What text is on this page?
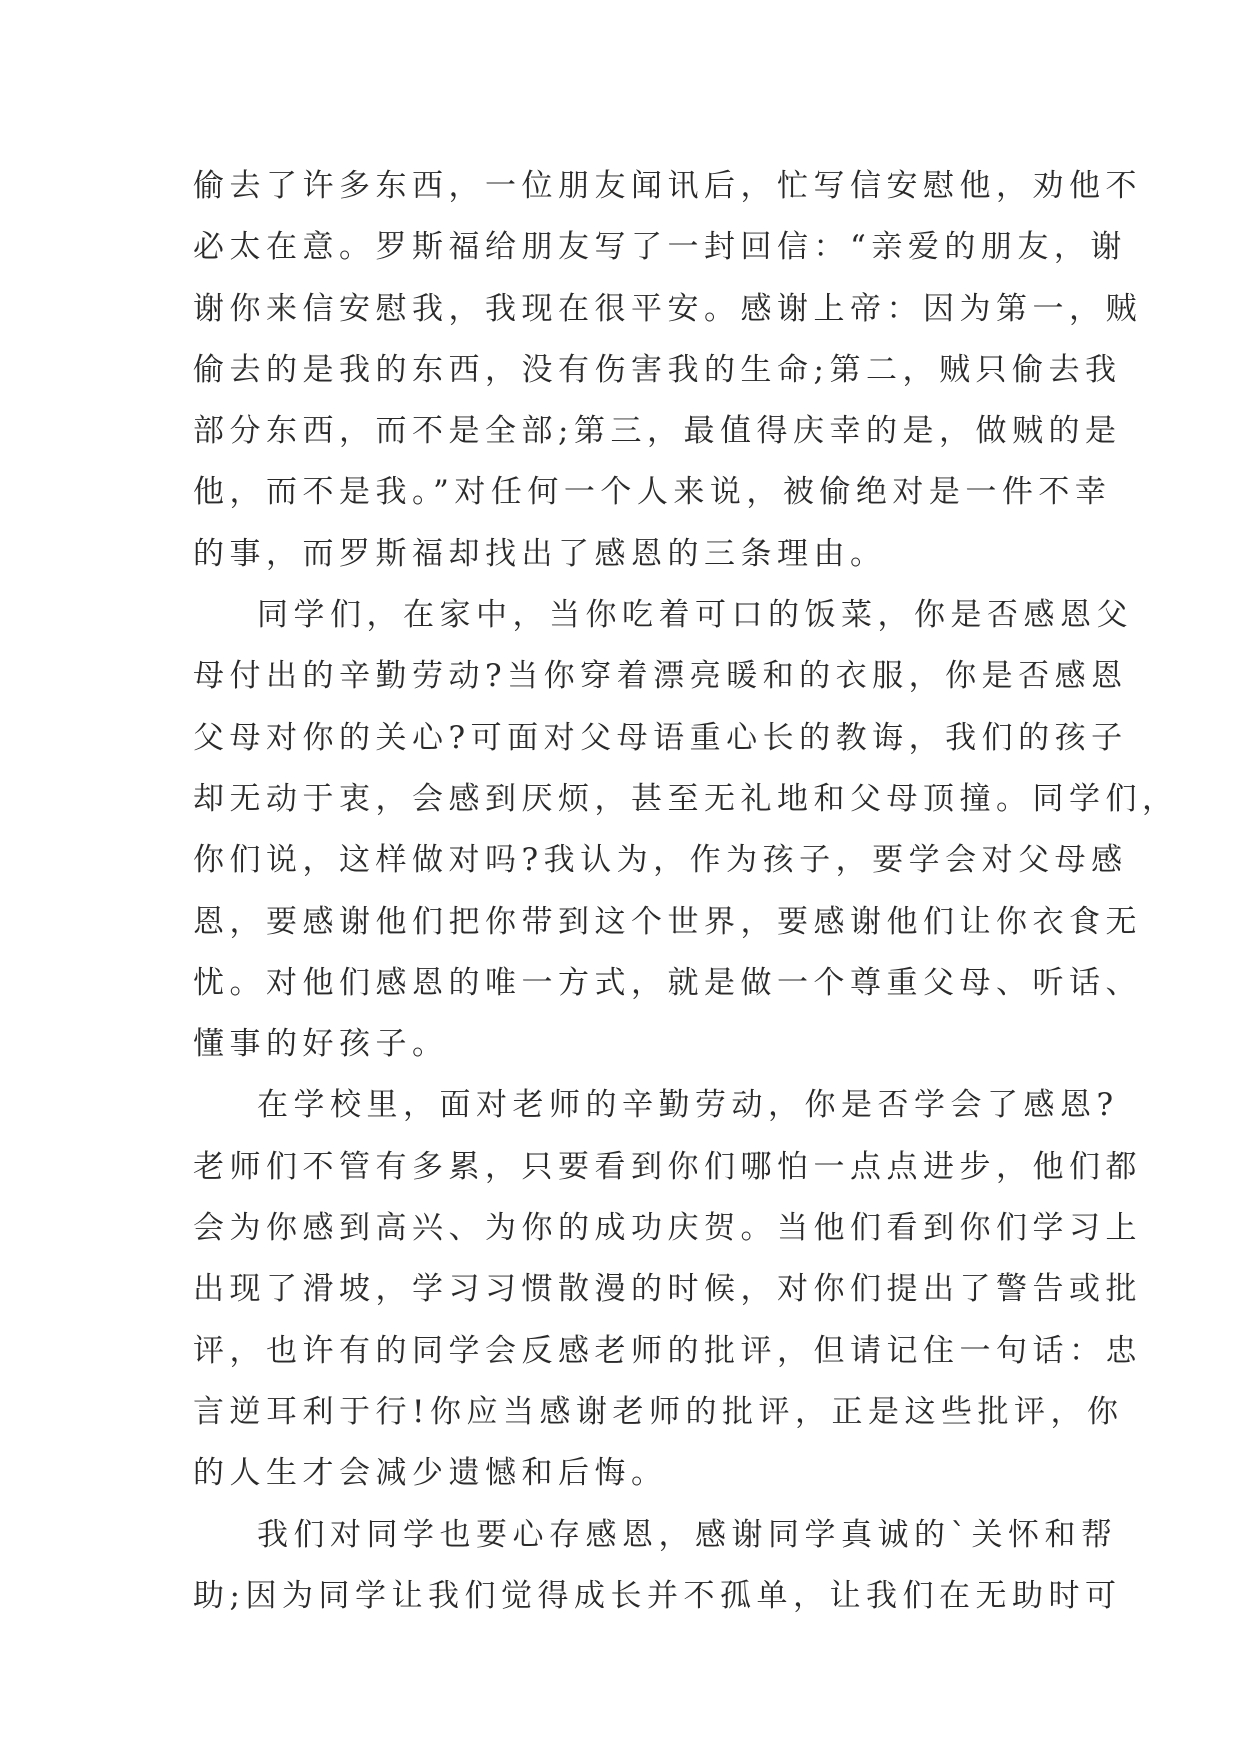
偷去了许多东西，一位朋友闻讯后，忙写信安慰他，劝他不
必太在意。罗斯福给朋友写了一封回信：“亲爱的朋友，谢
谢你来信安慰我，我现在很平安。感谢上帝：因为第一，贼
偷去的是我的东西，没有伤害我的生命;第二，贼只偷去我
部分东西，而不是全部;第三，最值得庆幸的是，做贼的是
他，而不是我。”对任何一个人来说，被偷绝对是一件不幸
的事，而罗斯福却找出了感恩的三条理由。
同学们，在家中，当你吃着可口的饭菜，你是否感恩父
母付出的辛勤劳动?当你穿着漂亮暖和的衣服，你是否感恩
父母对你的关心?可面对父母语重心长的教诲，我们的孩子
却无动于衷，会感到厌烦，甚至无礼地和父母顶撞。同学们，
你们说，这样做对吗?我认为，作为孩子，要学会对父母感
恩，要感谢他们把你带到这个世界，要感谢他们让你衣食无
忧。对他们感恩的唯一方式，就是做一个尊重父母、听话、
懂事的好孩子。
在学校里，面对老师的辛勤劳动，你是否学会了感恩?
老师们不管有多累，只要看到你们哪怕一点点进步，他们都
会为你感到高兴、为你的成功庆贺。当他们看到你们学习上
出现了滑坡，学习习惯散漫的时候，对你们提出了警告或批
评，也许有的同学会反感老师的批评，但请记住一句话：忠
言逆耳利于行!你应当感谢老师的批评，正是这些批评，你
的人生才会减少遗憾和后悔。
我们对同学也要心存感恩，感谢同学真诚的`关怀和帮
助;因为同学让我们觉得成长并不孤单，让我们在无助时可
